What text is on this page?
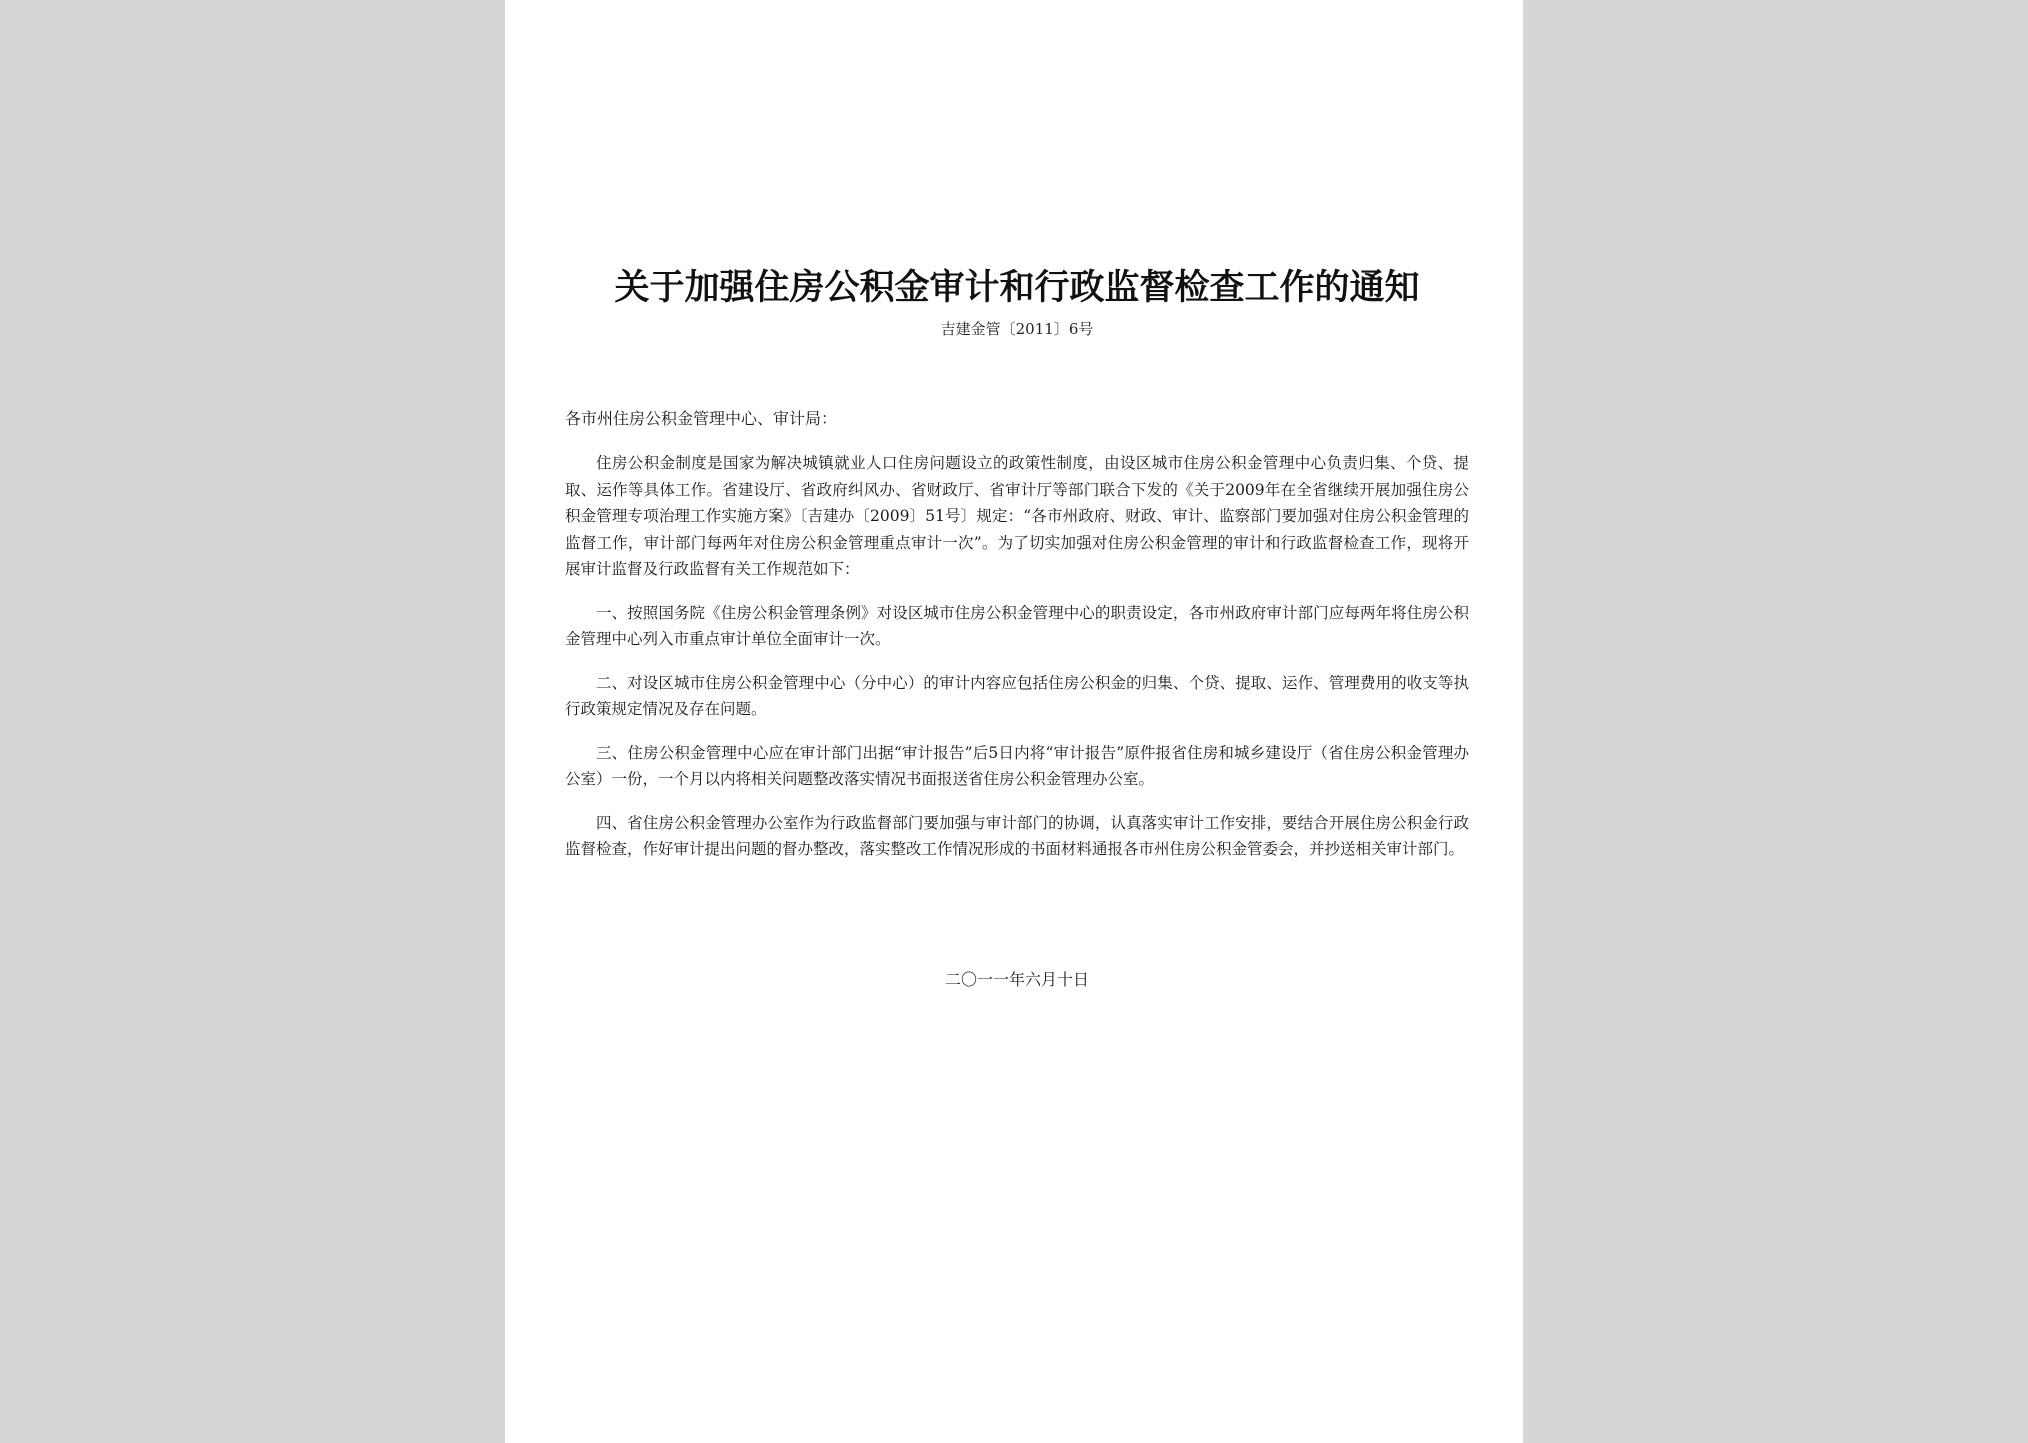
关于加强住房公积金审计和行政监督检查工作的通知
吉建金管〔2011〕6号
各市州住房公积金管理中心、审计局：

住房公积金制度是国家为解决城镇就业人口住房问题设立的政策性制度，由设区城市住房公积金管理中心负责归集、个贷、提取、运作等具体工作。省建设厅、省政府纠风办、省财政厅、省审计厅等部门联合下发的《关于2009年在全省继续开展加强住房公积金管理专项治理工作实施方案》〔吉建办〔2009〕51号〕规定：“各市州政府、财政、审计、监察部门要加强对住房公积金管理的监督工作，审计部门每两年对住房公积金管理重点审计一次”。为了切实加强对住房公积金管理的审计和行政监督检查工作，现将开展审计监督及行政监督有关工作规范如下：

一、按照国务院《住房公积金管理条例》对设区城市住房公积金管理中心的职责设定，各市州政府审计部门应每两年将住房公积金管理中心列入市重点审计单位全面审计一次。

二、对设区城市住房公积金管理中心（分中心）的审计内容应包括住房公积金的归集、个贷、提取、运作、管理费用的收支等执行政策规定情况及存在问题。

三、住房公积金管理中心应在审计部门出据“审计报告”后5日内将“审计报告”原件报省住房和城乡建设厅（省住房公积金管理办公室）一份，一个月以内将相关问题整改落实情况书面报送省住房公积金管理办公室。

四、省住房公积金管理办公室作为行政监督部门要加强与审计部门的协调，认真落实审计工作安排，要结合开展住房公积金行政监督检查，作好审计提出问题的督办整改，落实整改工作情况形成的书面材料通报各市州住房公积金管委会，并抄送相关审计部门。

二〇一一年六月十日
